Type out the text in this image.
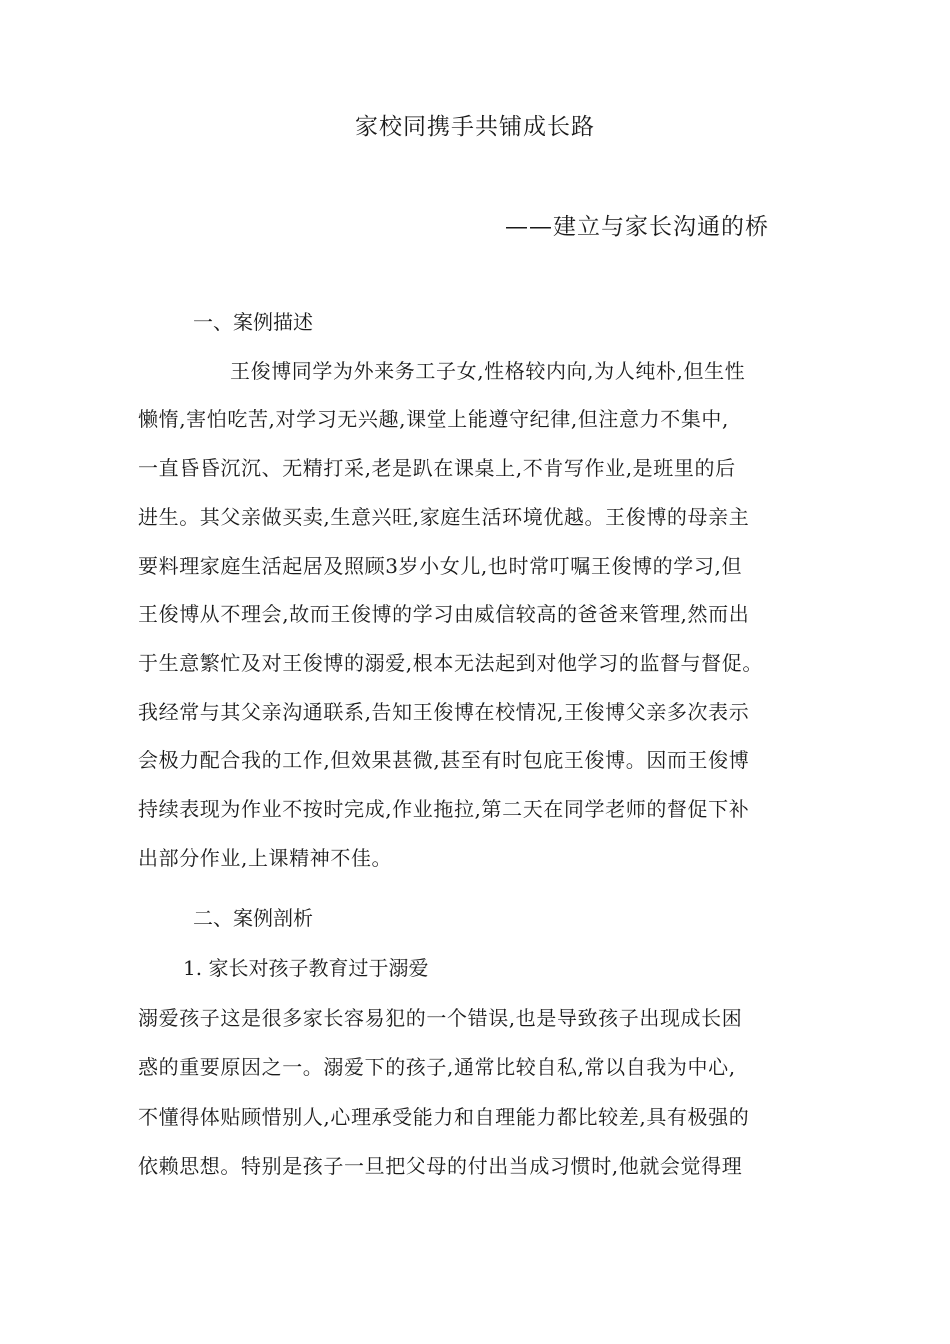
家校同携手共铺成长路
——建立与家长沟通的桥
一、案例描述
王俊博同学为外来务工子女,性格较内向,为人纯朴,但生性
懒惰,害怕吃苦,对学习无兴趣,课堂上能遵守纪律,但注意力不集中,
一直昏昏沉沉、无精打采,老是趴在课桌上,不肯写作业,是班里的后
进生。其父亲做买卖,生意兴旺,家庭生活环境优越。王俊博的母亲主
要料理家庭生活起居及照顾3岁小女儿,也时常叮嘱王俊博的学习,但
王俊博从不理会,故而王俊博的学习由威信较高的爸爸来管理,然而出
于生意繁忙及对王俊博的溺爱,根本无法起到对他学习的监督与督促。
我经常与其父亲沟通联系,告知王俊博在校情况,王俊博父亲多次表示
会极力配合我的工作,但效果甚微,甚至有时包庇王俊博。因而王俊博
持续表现为作业不按时完成,作业拖拉,第二天在同学老师的督促下补
出部分作业,上课精神不佳。
二、案例剖析
1. 家长对孩子教育过于溺爱
溺爱孩子这是很多家长容易犯的一个错误,也是导致孩子出现成长困
惑的重要原因之一。溺爱下的孩子,通常比较自私,常以自我为中心,
不懂得体贴顾惜别人,心理承受能力和自理能力都比较差,具有极强的
依赖思想。特别是孩子一旦把父母的付出当成习惯时,他就会觉得理
